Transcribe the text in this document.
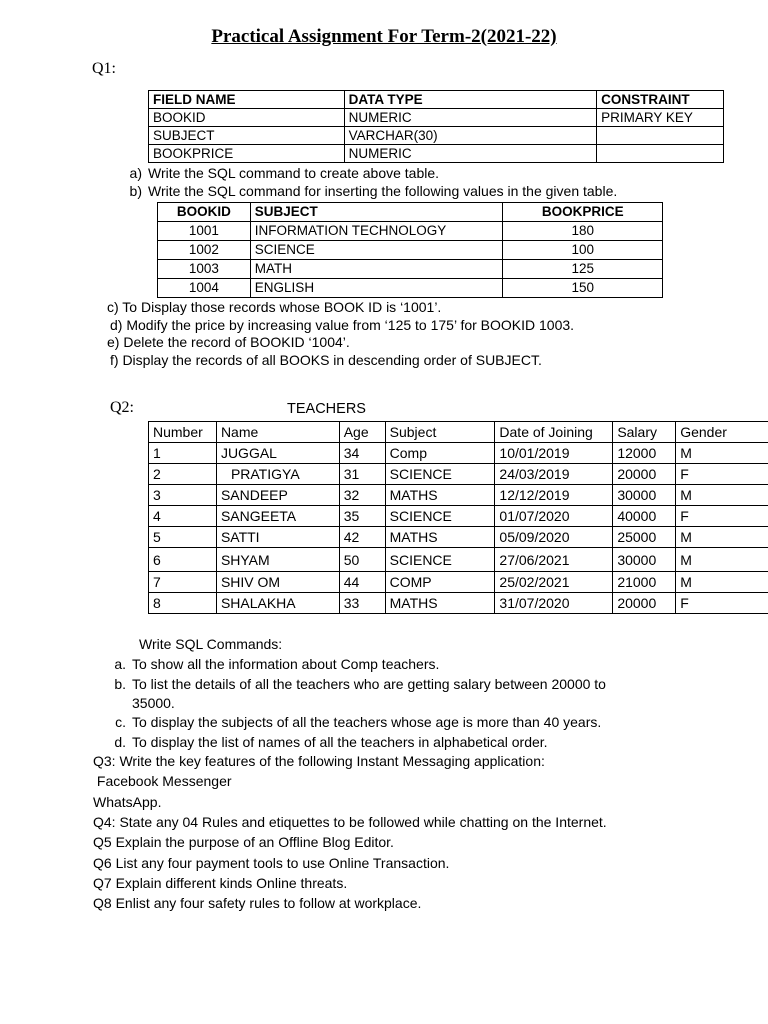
Practical Assignment For Term-2(2021-22)
Q1:
FIELD NAME	DATA TYPE	CONSTRAINT
BOOKID	NUMERIC	PRIMARY KEY
SUBJECT	VARCHAR(30)	
BOOKPRICE	NUMERIC	
a) Write the SQL command to create above table.
b) Write the SQL command for inserting the following values in the given table.
BOOKID	SUBJECT	BOOKPRICE
1001	INFORMATION TECHNOLOGY	180
1002	SCIENCE	100
1003	MATH	125
1004	ENGLISH	150
c) To Display those records whose BOOK ID is ‘1001’.
d) Modify the price by increasing value from ‘125 to 175’ for BOOKID 1003.
e) Delete the record of BOOKID ‘1004’.
f) Display the records of all BOOKS in descending order of SUBJECT.
Q2:	TEACHERS
Number	Name	Age	Subject	Date of Joining	Salary	Gender
1	JUGGAL	34	Comp	10/01/2019	12000	M
2	PRATIGYA	31	SCIENCE	24/03/2019	20000	F
3	SANDEEP	32	MATHS	12/12/2019	30000	M
4	SANGEETA	35	SCIENCE	01/07/2020	40000	F
5	SATTI	42	MATHS	05/09/2020	25000	M
6	SHYAM	50	SCIENCE	27/06/2021	30000	M
7	SHIV OM	44	COMP	25/02/2021	21000	M
8	SHALAKHA	33	MATHS	31/07/2020	20000	F
Write SQL Commands:
a. To show all the information about Comp teachers.
b. To list the details of all the teachers who are getting salary between 20000 to
35000.
c. To display the subjects of all the teachers whose age is more than 40 years.
d. To display the list of names of all the teachers in alphabetical order.
Q3: Write the key features of the following Instant Messaging application:
Facebook Messenger
WhatsApp.
Q4: State any 04 Rules and etiquettes to be followed while chatting on the Internet.
Q5 Explain the purpose of an Offline Blog Editor.
Q6 List any four payment tools to use Online Transaction.
Q7 Explain different kinds Online threats.
Q8 Enlist any four safety rules to follow at workplace.
